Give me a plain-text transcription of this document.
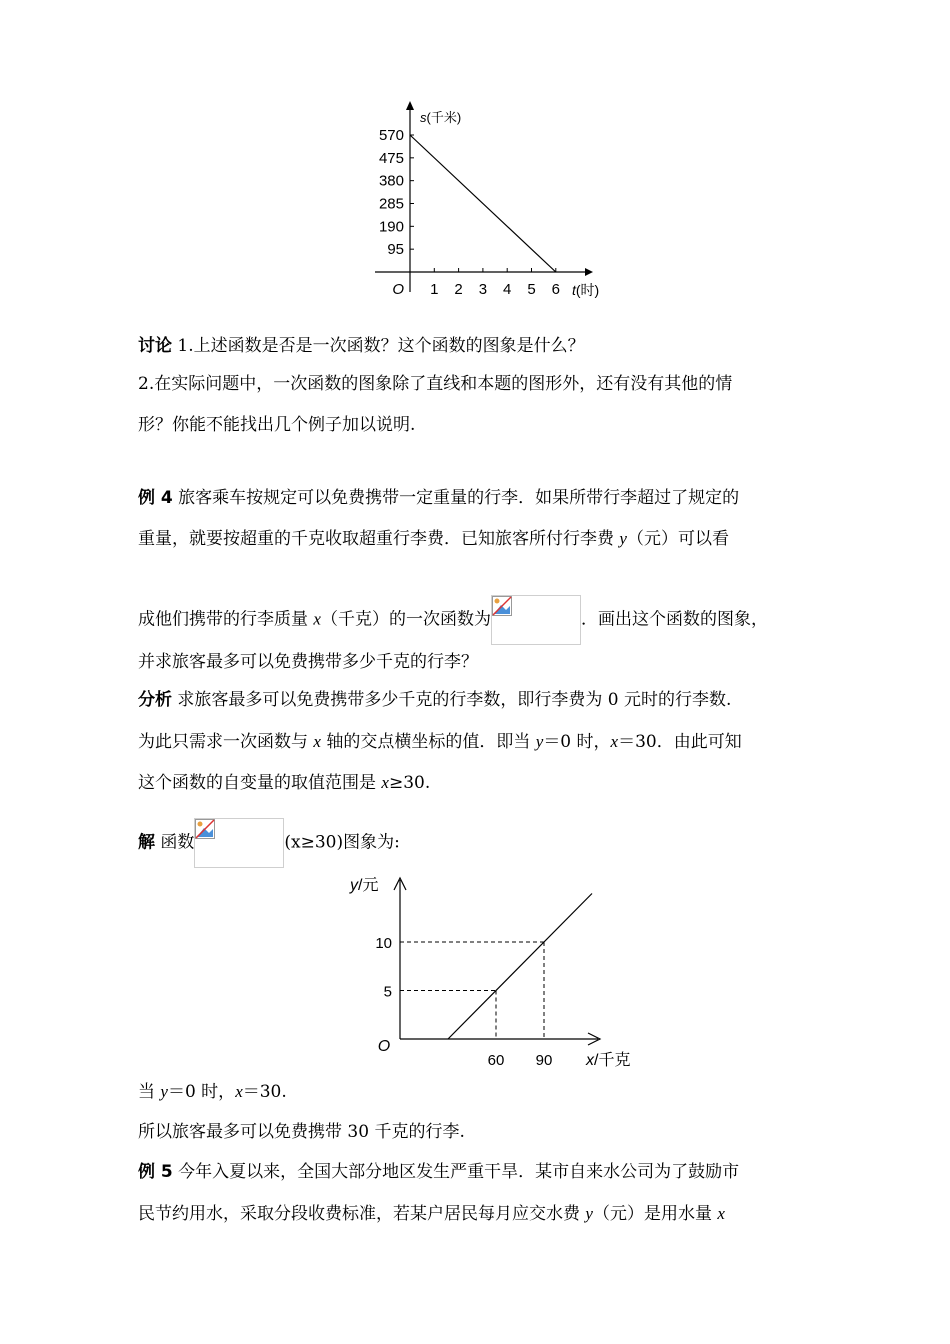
1 2 3 4 5 6
570
475
380
285
190
95
O
s(千米)
t(时)
讨论 1.上述函数是否是一次函数？这个函数的图象是什么？
2.在实际问题中，一次函数的图象除了直线和本题的图形外，还有没有其他的情
形？你能不能找出几个例子加以说明.
例 4 旅客乘车按规定可以免费携带一定重量的行李．如果所带行李超过了规定的
重量，就要按超重的千克收取超重行李费．已知旅客所付行李费 y（元）可以看
成他们携带的行李质量 x（千克）的一次函数为	．画出这个函数的图象，
并求旅客最多可以免费携带多少千克的行李？
分析 求旅客最多可以免费携带多少千克的行李数，即行李费为 0 元时的行李数.
为此只需求一次函数与 x 轴的交点横坐标的值．即当 y＝0 时，x＝30．由此可知
这个函数的自变量的取值范围是 x≥30.
解 函数	(x≥30)图象为:
60 90
10
5
O
y/元
x/千克
当 y＝0 时，x＝30.
所以旅客最多可以免费携带 30 千克的行李.
例 5 今年入夏以来，全国大部分地区发生严重干旱．某市自来水公司为了鼓励市
民节约用水，采取分段收费标准，若某户居民每月应交水费 y（元）是用水量 x
